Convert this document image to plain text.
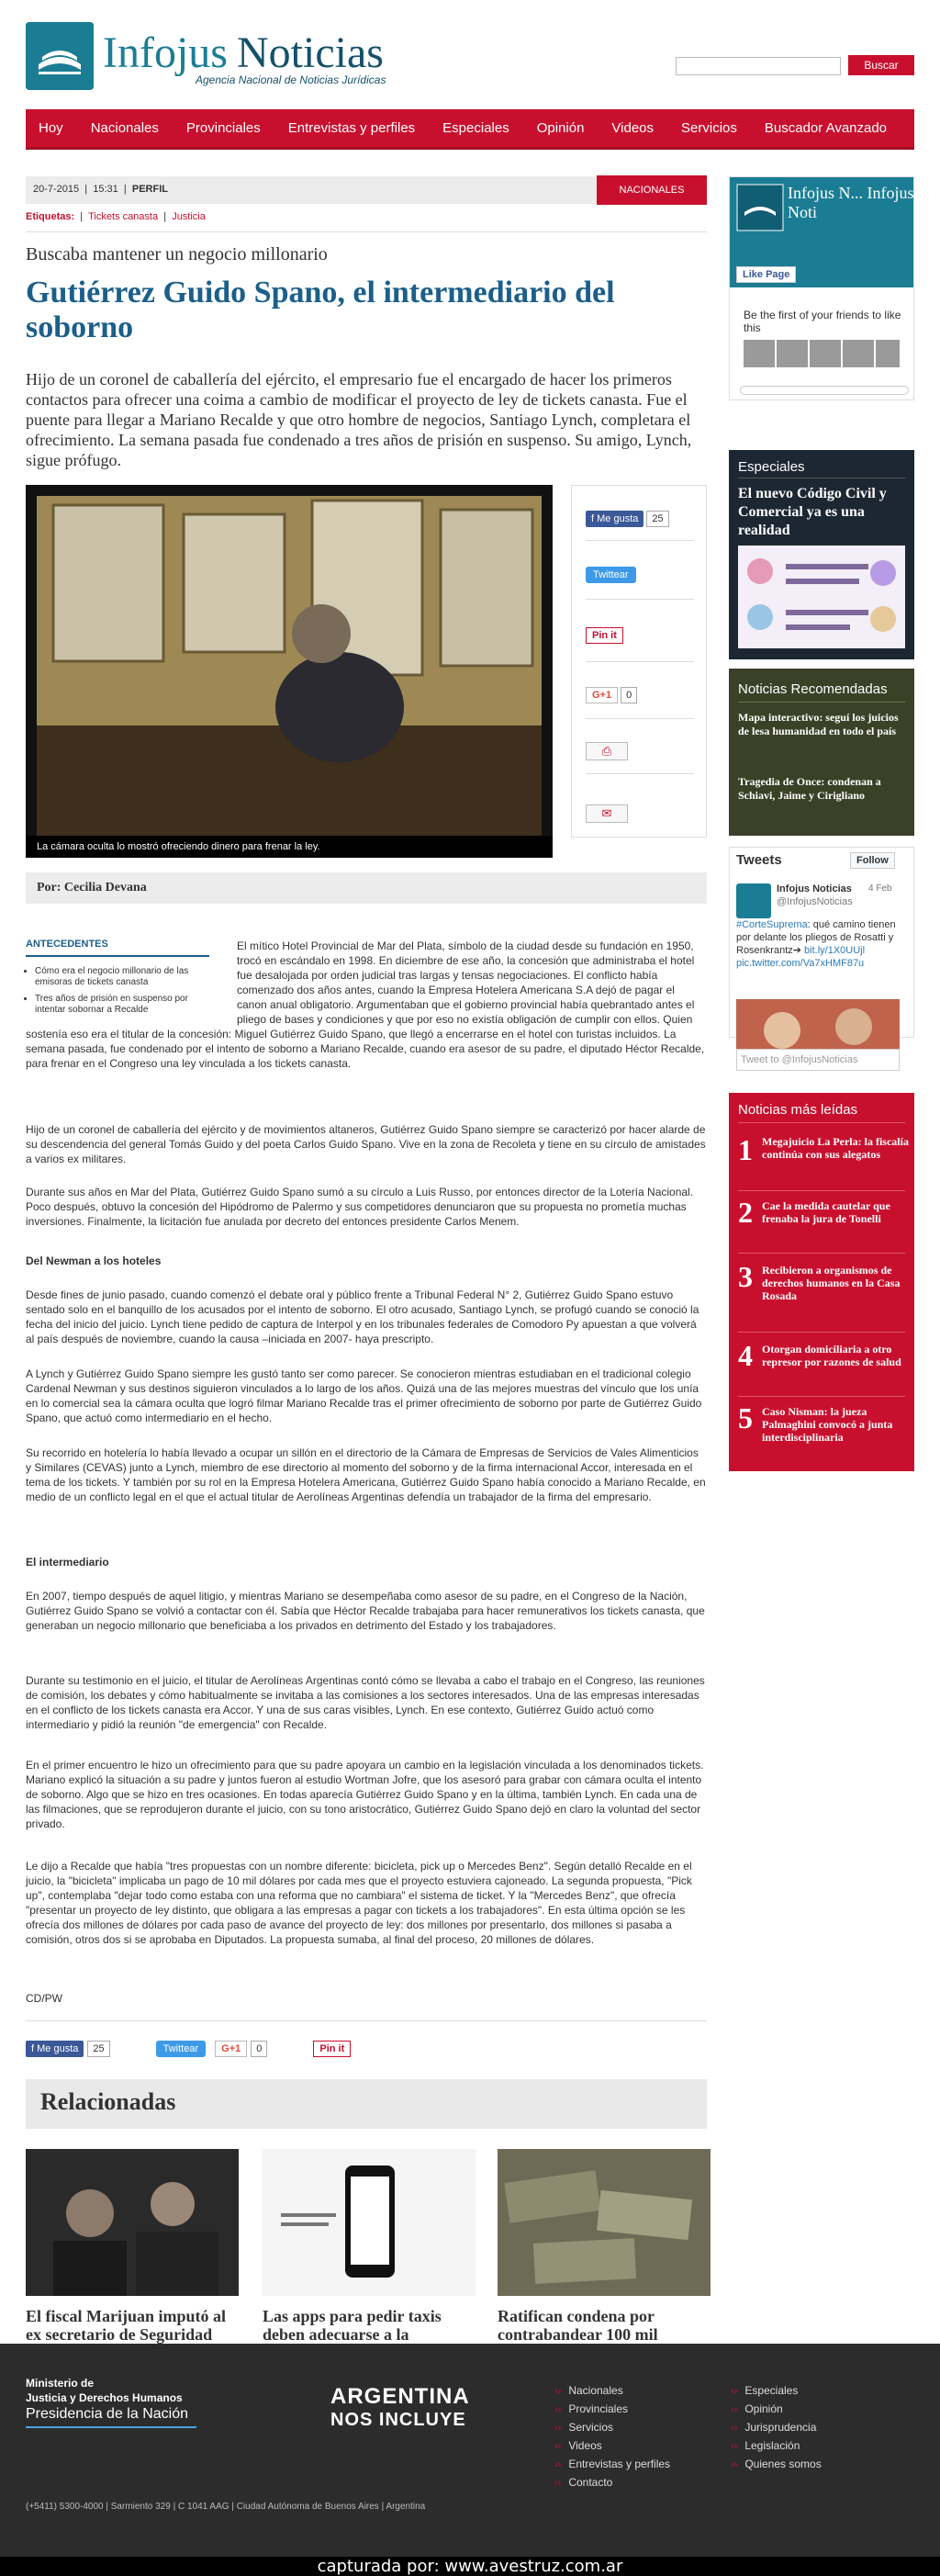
Infojus Noticias
Agencia Nacional de Noticias Jurídicas
Buscar
Hoy Nacionales Provinciales Entrevistas y perfiles Especiales Opinión Videos Servicios Buscador Avanzado
20-7-2015  |  15:31  |  PERFIL	NACIONALES
Etiquetas:  |  Tickets canasta  |  Justicia
Buscaba mantener un negocio millonario
Gutiérrez Guido Spano, el intermediario del soborno
Hijo de un coronel de caballería del ejército, el empresario fue el encargado de hacer los primeros contactos para ofrecer una coima a cambio de modificar el proyecto de ley de tickets canasta. Fue el puente para llegar a Mariano Recalde y que otro hombre de negocios, Santiago Lynch, completara el ofrecimiento. La semana pasada fue condenado a tres años de prisión en suspenso. Su amigo, Lynch, sigue prófugo.
La cámara oculta lo mostró ofreciendo dinero para frenar la ley.
f Me gusta 25
Twittear
Pin it
G+1 0
⎙
✉
Por: Cecilia Devana
ANTECEDENTES
• Cómo era el negocio millonario de las emisoras de tickets canasta
• Tres años de prisión en suspenso por intentar sobornar a Recalde
El mítico Hotel Provincial de Mar del Plata, símbolo de la ciudad desde su fundación en 1950, trocó en escándalo en 1998. En diciembre de ese año, la concesión que administraba el hotel fue desalojada por orden judicial tras largas y tensas negociaciones. El conflicto había comenzado dos años antes, cuando la Empresa Hotelera Americana S.A dejó de pagar el canon anual obligatorio. Argumentaban que el gobierno provincial había quebrantado antes el pliego de bases y condiciones y que por eso no existía obligación de cumplir con ellos. Quien sostenía eso era el titular de la concesión: Miguel Gutiérrez Guido Spano, que llegó a encerrarse en el hotel con turistas incluidos. La semana pasada, fue condenado por el intento de soborno a Mariano Recalde, cuando era asesor de su padre, el diputado Héctor Recalde, para frenar en el Congreso una ley vinculada a los tickets canasta.
Hijo de un coronel de caballería del ejército y de movimientos altaneros, Gutiérrez Guido Spano siempre se caracterizó por hacer alarde de su descendencia del general Tomás Guido y del poeta Carlos Guido Spano. Vive en la zona de Recoleta y tiene en su círculo de amistades a varios ex militares.
Durante sus años en Mar del Plata, Gutiérrez Guido Spano sumó a su círculo a Luis Russo, por entonces director de la Lotería Nacional. Poco después, obtuvo la concesión del Hipódromo de Palermo y sus competidores denunciaron que su propuesta no prometía muchas inversiones. Finalmente, la licitación fue anulada por decreto del entonces presidente Carlos Menem.
Del Newman a los hoteles
Desde fines de junio pasado, cuando comenzó el debate oral y público frente a Tribunal Federal N° 2, Gutiérrez Guido Spano estuvo sentado solo en el banquillo de los acusados por el intento de soborno. El otro acusado, Santiago Lynch, se profugó cuando se conoció la fecha del inicio del juicio. Lynch tiene pedido de captura de Interpol y en los tribunales federales de Comodoro Py apuestan a que volverá al país después de noviembre, cuando la causa –iniciada en 2007- haya prescripto.
A Lynch y Gutiérrez Guido Spano siempre les gustó tanto ser como parecer. Se conocieron mientras estudiaban en el tradicional colegio Cardenal Newman y sus destinos siguieron vinculados a lo largo de los años. Quizá una de las mejores muestras del vínculo que los unía en lo comercial sea la cámara oculta que logró filmar Mariano Recalde tras el primer ofrecimiento de soborno por parte de Gutiérrez Guido Spano, que actuó como intermediario en el hecho.
Su recorrido en hotelería lo había llevado a ocupar un sillón en el directorio de la Cámara de Empresas de Servicios de Vales Alimenticios y Similares (CEVAS) junto a Lynch, miembro de ese directorio al momento del soborno y de la firma internacional Accor, interesada en el tema de los tickets. Y también por su rol en la Empresa Hotelera Americana, Gutiérrez Guido Spano había conocido a Mariano Recalde, en medio de un conflicto legal en el que el actual titular de Aerolíneas Argentinas defendía un trabajador de la firma del empresario.
El intermediario
En 2007, tiempo después de aquel litigio, y mientras Mariano se desempeñaba como asesor de su padre, en el Congreso de la Nación, Gutiérrez Guido Spano se volvió a contactar con él. Sabía que Héctor Recalde trabajaba para hacer remunerativos los tickets canasta, que generaban un negocio millonario que beneficiaba a los privados en detrimento del Estado y los trabajadores.
Durante su testimonio en el juicio, el titular de Aerolíneas Argentinas contó cómo se llevaba a cabo el trabajo en el Congreso, las reuniones de comisión, los debates y cómo habitualmente se invitaba a las comisiones a los sectores interesados. Una de las empresas interesadas en el conflicto de los tickets canasta era Accor. Y una de sus caras visibles, Lynch. En ese contexto, Gutiérrez Guido actuó como intermediario y pidió la reunión "de emergencia" con Recalde.
En el primer encuentro le hizo un ofrecimiento para que su padre apoyara un cambio en la legislación vinculada a los denominados tickets. Mariano explicó la situación a su padre y juntos fueron al estudio Wortman Jofre, que los asesoró para grabar con cámara oculta el intento de soborno. Algo que se hizo en tres ocasiones. En todas aparecía Gutiérrez Guido Spano y en la última, también Lynch. En cada una de las filmaciones, que se reprodujeron durante el juicio, con su tono aristocrático, Gutiérrez Guido Spano dejó en claro la voluntad del sector privado.
Le dijo a Recalde que había "tres propuestas con un nombre diferente: bicicleta, pick up o Mercedes Benz". Según detalló Recalde en el juicio, la "bicicleta" implicaba un pago de 10 mil dólares por cada mes que el proyecto estuviera cajoneado. La segunda propuesta, "Pick up", contemplaba "dejar todo como estaba con una reforma que no cambiara" el sistema de ticket. Y la "Mercedes Benz", que ofrecía "presentar un proyecto de ley distinto, que obligara a las empresas a pagar con tickets a los trabajadores". En esta última opción se les ofrecía dos millones de dólares por cada paso de avance del proyecto de ley: dos millones por presentarlo, dos millones si pasaba a comisión, otros dos si se aprobaba en Diputados. La propuesta sumaba, al final del proceso, 20 millones de dólares.
CD/PW
f Me gusta	25	Twittear	G+1	0	Pin it
Relacionadas
El fiscal Marijuan imputó al ex secretario de Seguridad
Las apps para pedir taxis deben adecuarse a la
Ratifican condena por contrabandear 100 mil
Infojus N... Infojus Noti
Like Page
Be the first of your friends to like this
Especiales
El nuevo Código Civil y Comercial ya es una realidad
Noticias Recomendadas
Mapa interactivo: seguí los juicios de lesa humanidad en todo el país
Tragedia de Once: condenan a Schiavi, Jaime y Cirigliano
Tweets	Follow
Infojus Noticias
@InfojusNoticias
4 Feb
#CorteSuprema: qué camino tienen por delante los pliegos de Rosatti y Rosenkrantz➔ bit.ly/1X0UUjl pic.twitter.com/Va7xHMF87u
Tweet to @InfojusNoticias
Noticias más leídas
1 Megajuicio La Perla: la fiscalía continúa con sus alegatos
2 Cae la medida cautelar que frenaba la jura de Tonelli
3 Recibieron a organismos de derechos humanos en la Casa Rosada
4 Otorgan domiciliaria a otro represor por razones de salud
5 Caso Nisman: la jueza Palmaghini convocó a junta interdisciplinaria
Ministerio de
Justicia y Derechos Humanos
Presidencia de la Nación
ARGENTINA
NOS INCLUYE
(+5411) 5300-4000 | Sarmiento 329 | C 1041 AAG | Ciudad Autónoma de Buenos Aires | Argentina
›› Nacionales
›› Provinciales
›› Servicios
›› Videos
›› Entrevistas y perfiles
›› Contacto
›› Especiales
›› Opinión
›› Jurisprudencia
›› Legislación
›› Quienes somos
capturada por: www.avestruz.com.ar
